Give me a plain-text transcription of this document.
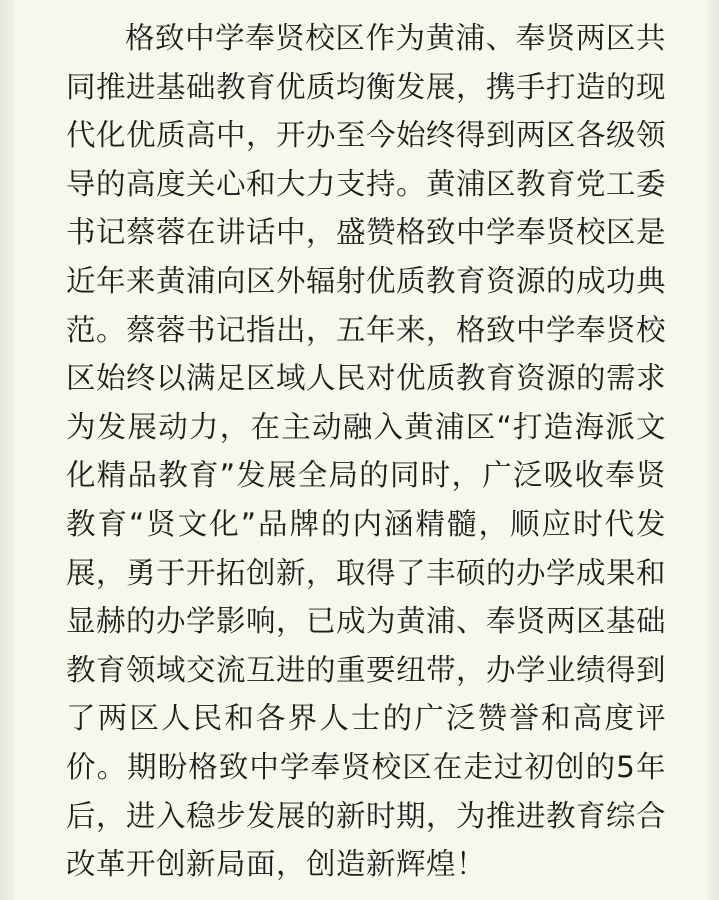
格致中学奉贤校区作为黄浦、奉贤两区共同推进基础教育优质均衡发展，携手打造的现代化优质高中，开办至今始终得到两区各级领导的高度关心和大力支持。黄浦区教育党工委书记蔡蓉在讲话中，盛赞格致中学奉贤校区是近年来黄浦向区外辐射优质教育资源的成功典范。蔡蓉书记指出，五年来，格致中学奉贤校区始终以满足区域人民对优质教育资源的需求为发展动力，在主动融入黄浦区“打造海派文化精品教育”发展全局的同时，广泛吸收奉贤教育“贤文化”品牌的内涵精髓，顺应时代发展，勇于开拓创新，取得了丰硕的办学成果和显赫的办学影响，已成为黄浦、奉贤两区基础教育领域交流互进的重要纽带，办学业绩得到了两区人民和各界人士的广泛赞誉和高度评价。期盼格致中学奉贤校区在走过初创的5年后，进入稳步发展的新时期，为推进教育综合改革开创新局面，创造新辉煌！
